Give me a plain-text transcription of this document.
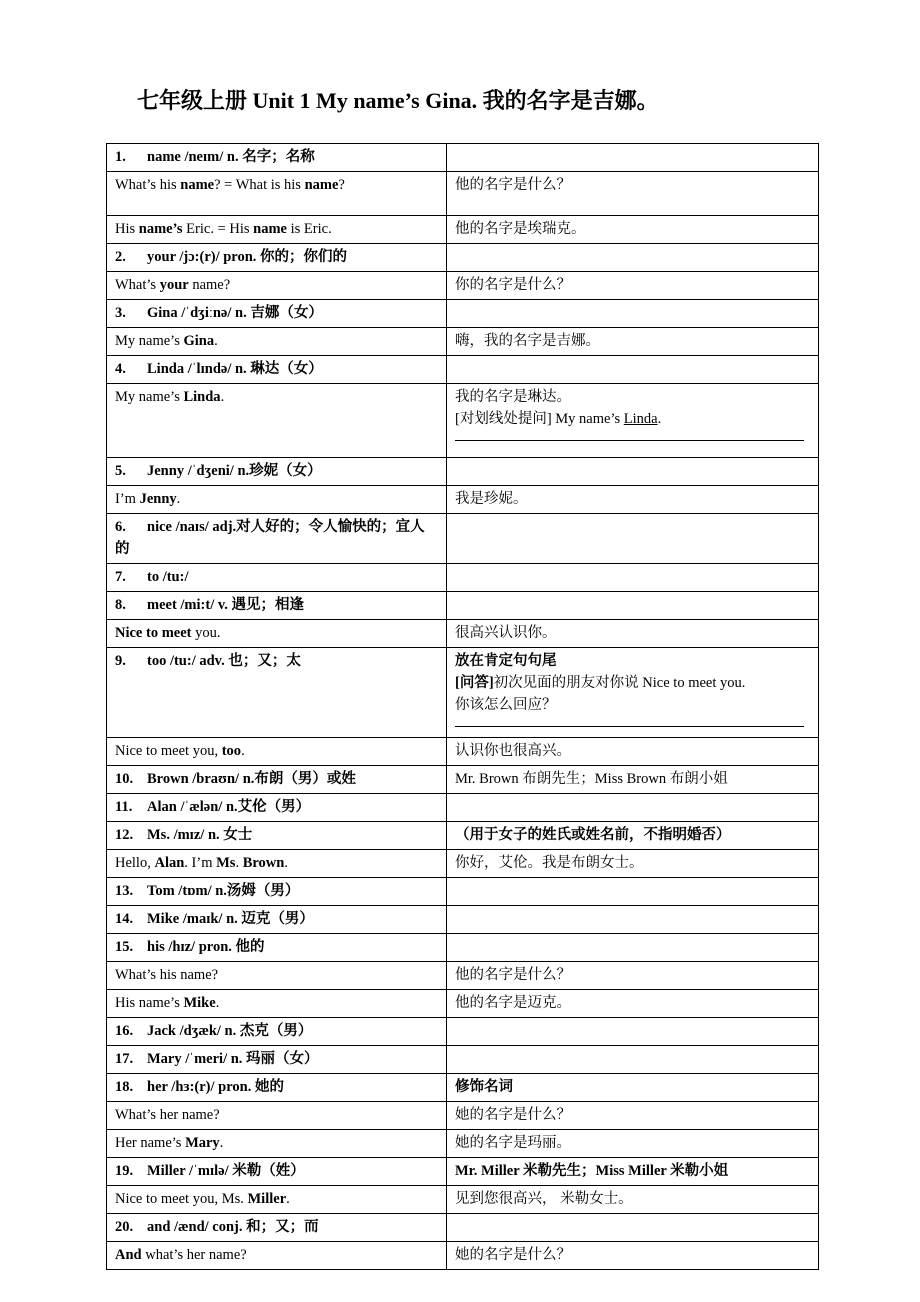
七年级上册 Unit 1 My name’s Gina. 我的名字是吉娜。
1. name /neɪm/ n. 名字；名称	
What’s his name? = What is his name?	他的名字是什么？
His name’s Eric. = His name is Eric.	他的名字是埃瑞克。
2. your /jɔ:(r)/ pron. 你的；你们的	
What’s your name?	你的名字是什么？
3. Gina /ˈdʒiːnə/ n. 吉娜（女）	
My name’s Gina.	嗨，我的名字是吉娜。
4. Linda /ˈlɪndə/ n. 琳达（女）	
My name’s Linda.	我的名字是琳达。
[对划线处提问] My name’s Linda.

5. Jenny /ˈdʒeni/ n.珍妮（女）	
I’m Jenny.	我是珍妮。
6. nice /naɪs/ adj.对人好的；令人愉快的；宜人的	
7. to /tu:/	
8. meet /mi:t/ v. 遇见；相逢	
Nice to meet you.	很高兴认识你。
9. too /tu:/ adv. 也；又；太	放在肯定句句尾
[问答]初次见面的朋友对你说 Nice to meet you.
你该怎么回应？

Nice to meet you, too.	认识你也很高兴。
10. Brown /braʊn/ n.布朗（男）或姓	Mr. Brown 布朗先生；Miss Brown 布朗小姐
11. Alan /ˈælən/ n.艾伦（男）	
12. Ms. /mɪz/ n. 女士	（用于女子的姓氏或姓名前，不指明婚否）
Hello, Alan. I’m Ms. Brown.	你好，艾伦。我是布朗女士。
13. Tom /tɒm/ n.汤姆（男）	
14. Mike /maɪk/ n. 迈克（男）	
15. his /hɪz/ pron. 他的	
What’s his name?	他的名字是什么？
His name’s Mike.	他的名字是迈克。
16. Jack /dʒæk/ n. 杰克（男）	
17. Mary /ˈmeri/ n. 玛丽（女）	
18. her /hɜ:(r)/ pron. 她的	修饰名词
What’s her name?	她的名字是什么？
Her name’s Mary.	她的名字是玛丽。
19. Miller /ˈmɪlə/ 米勒（姓）	Mr. Miller 米勒先生；Miss Miller 米勒小姐
Nice to meet you, Ms. Miller.	见到您很高兴， 米勒女士。
20. and /ænd/ conj. 和；又；而	
And what’s her name?	她的名字是什么？
